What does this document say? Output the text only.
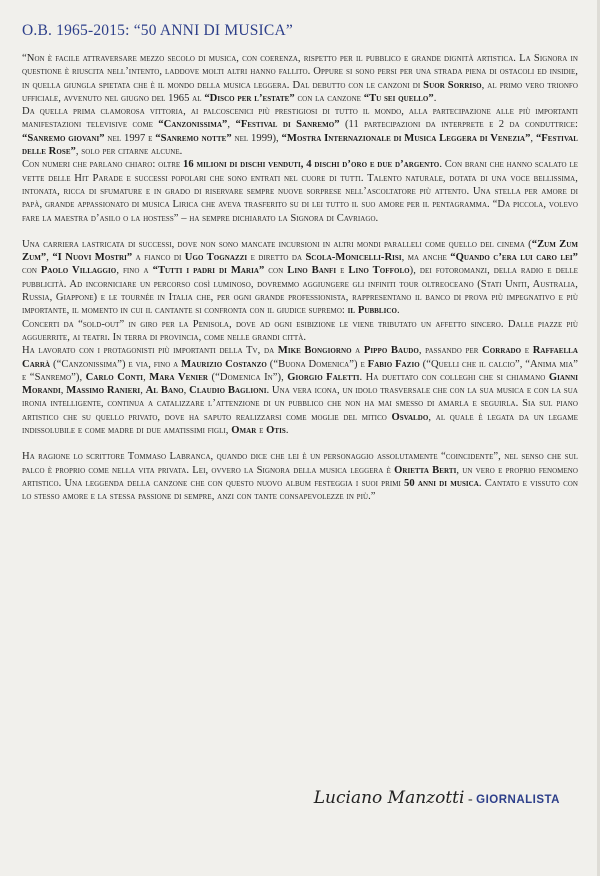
O.B. 1965-2015: “50 ANNI DI MUSICA”

“Non è facile attraversare mezzo secolo di musica, con coerenza, rispetto per il pubblico e grande dignità artistica. La Signora in questione è riuscita nell’intento, laddove molti altri hanno fallito. Oppure si sono persi per una strada piena di ostacoli ed insidie, in quella giungla spietata che è il mondo della musica leggera. Dal debutto con le canzoni di Suor Sorriso, al primo vero trionfo ufficiale, avvenuto nel giugno del 1965 al “Disco per l’estate” con la canzone “Tu sei quello”.

Da quella prima clamorosa vittoria, ai palcoscenici più prestigiosi di tutto il mondo, alla partecipazione alle più importanti manifestazioni televisive come “Canzonissima”, “Festival di Sanremo” (11 partecipazioni da interprete e 2 da conduttrice: “Sanremo giovani” nel 1997 e “Sanremo notte” nel 1999), “Mostra Internazionale di Musica Leggera di Venezia”, “Festival delle Rose”, solo per citarne alcune.

Con numeri che parlano chiaro: oltre 16 milioni di dischi venduti, 4 dischi d’oro e due d’argento. Con brani che hanno scalato le vette delle Hit Parade e successi popolari che sono entrati nel cuore di tutti. Talento naturale, dotata di una voce bellissima, intonata, ricca di sfumature e in grado di riservare sempre nuove sorprese nell’ascoltatore più attento. Una stella per amore di papà, grande appassionato di musica Lirica che aveva trasferito su di lei tutto il suo amore per il pentagramma. “Da piccola, volevo fare la maestra d’asilo o la hostess” – ha sempre dichiarato la Signora di Cavriago.

Una carriera lastricata di successi, dove non sono mancate incursioni in altri mondi paralleli come quello del cinema (“Zum Zum Zum”, “I Nuovi Mostri” a fianco di Ugo Tognazzi e diretto da Scola-Monicelli-Risi, ma anche “Quando c’era lui caro lei” con Paolo Villaggio, fino a “Tutti i padri di Maria” con Lino Banfi e Lino Toffolo), dei fotoromanzi, della radio e delle pubblicità. Ad incorniciare un percorso così luminoso, dovremmo aggiungere gli infiniti tour oltreoceano (Stati Uniti, Australia, Russia, Giappone) e le tournée in Italia che, per ogni grande professionista, rappresentano il banco di prova più impegnativo e più importante, il momento in cui il cantante si confronta con il giudice supremo: il Pubblico.

Concerti da “sold-out” in giro per la Penisola, dove ad ogni esibizione le viene tributato un affetto sincero. Dalle piazze più agguerrite, ai teatri. In terra di provincia, come nelle grandi città.

Ha lavorato con i protagonisti più importanti della Tv, da Mike Bongiorno a Pippo Baudo, passando per Corrado e Raffaella Carrà (“Canzonissima”) e via, fino a Maurizio Costanzo (“Buona Domenica”) e Fabio Fazio (“Quelli che il calcio”, “Anima mia” e “Sanremo”), Carlo Conti, Mara Venier (“Domenica In”), Giorgio Faletti. Ha duettato con colleghi che si chiamano Gianni Morandi, Massimo Ranieri, Al Bano, Claudio Baglioni. Una vera icona, un idolo trasversale che con la sua musica e con la sua ironia intelligente, continua a catalizzare l’attenzione di un pubblico che non ha mai smesso di amarla e seguirla. Sia sul piano artistico che su quello privato, dove ha saputo realizzarsi come moglie del mitico Osvaldo, al quale è legata da un legame indissolubile e come madre di due amatissimi figli, Omar e Otis.

Ha ragione lo scrittore Tommaso Labranca, quando dice che lei è un personaggio assolutamente “coincidente”, nel senso che sul palco è proprio come nella vita privata. Lei, ovvero la Signora della musica leggera è Orietta Berti, un vero e proprio fenomeno artistico. Una leggenda della canzone che con questo nuovo album festeggia i suoi primi 50 anni di musica. Cantato e vissuto con lo stesso amore e la stessa passione di sempre, anzi con tante consapevolezze in più.”

Luciano Manzotti - GIORNALISTA
